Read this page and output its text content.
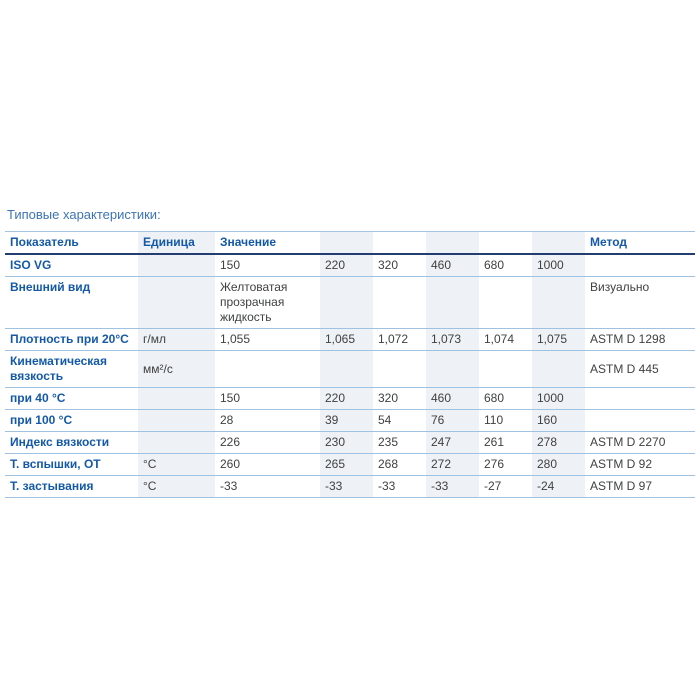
Типовые характеристики:
Показатель	Единица	Значение						Метод
ISO VG		150	220	320	460	680	1000	
Внешний вид		Желтоватая прозрачная жидкость						Визуально
Плотность при 20°С	г/мл	1,055	1,065	1,072	1,073	1,074	1,075	ASTM D 1298
Кинематическая вязкость	мм²/с							ASTM D 445
при 40 °C		150	220	320	460	680	1000	
при 100 °C		28	39	54	76	110	160	
Индекс вязкости		226	230	235	247	261	278	ASTM D 2270
Т. вспышки, ОТ	°C	260	265	268	272	276	280	ASTM D 92
Т. застывания	°C	-33	-33	-33	-33	-27	-24	ASTM D 97
